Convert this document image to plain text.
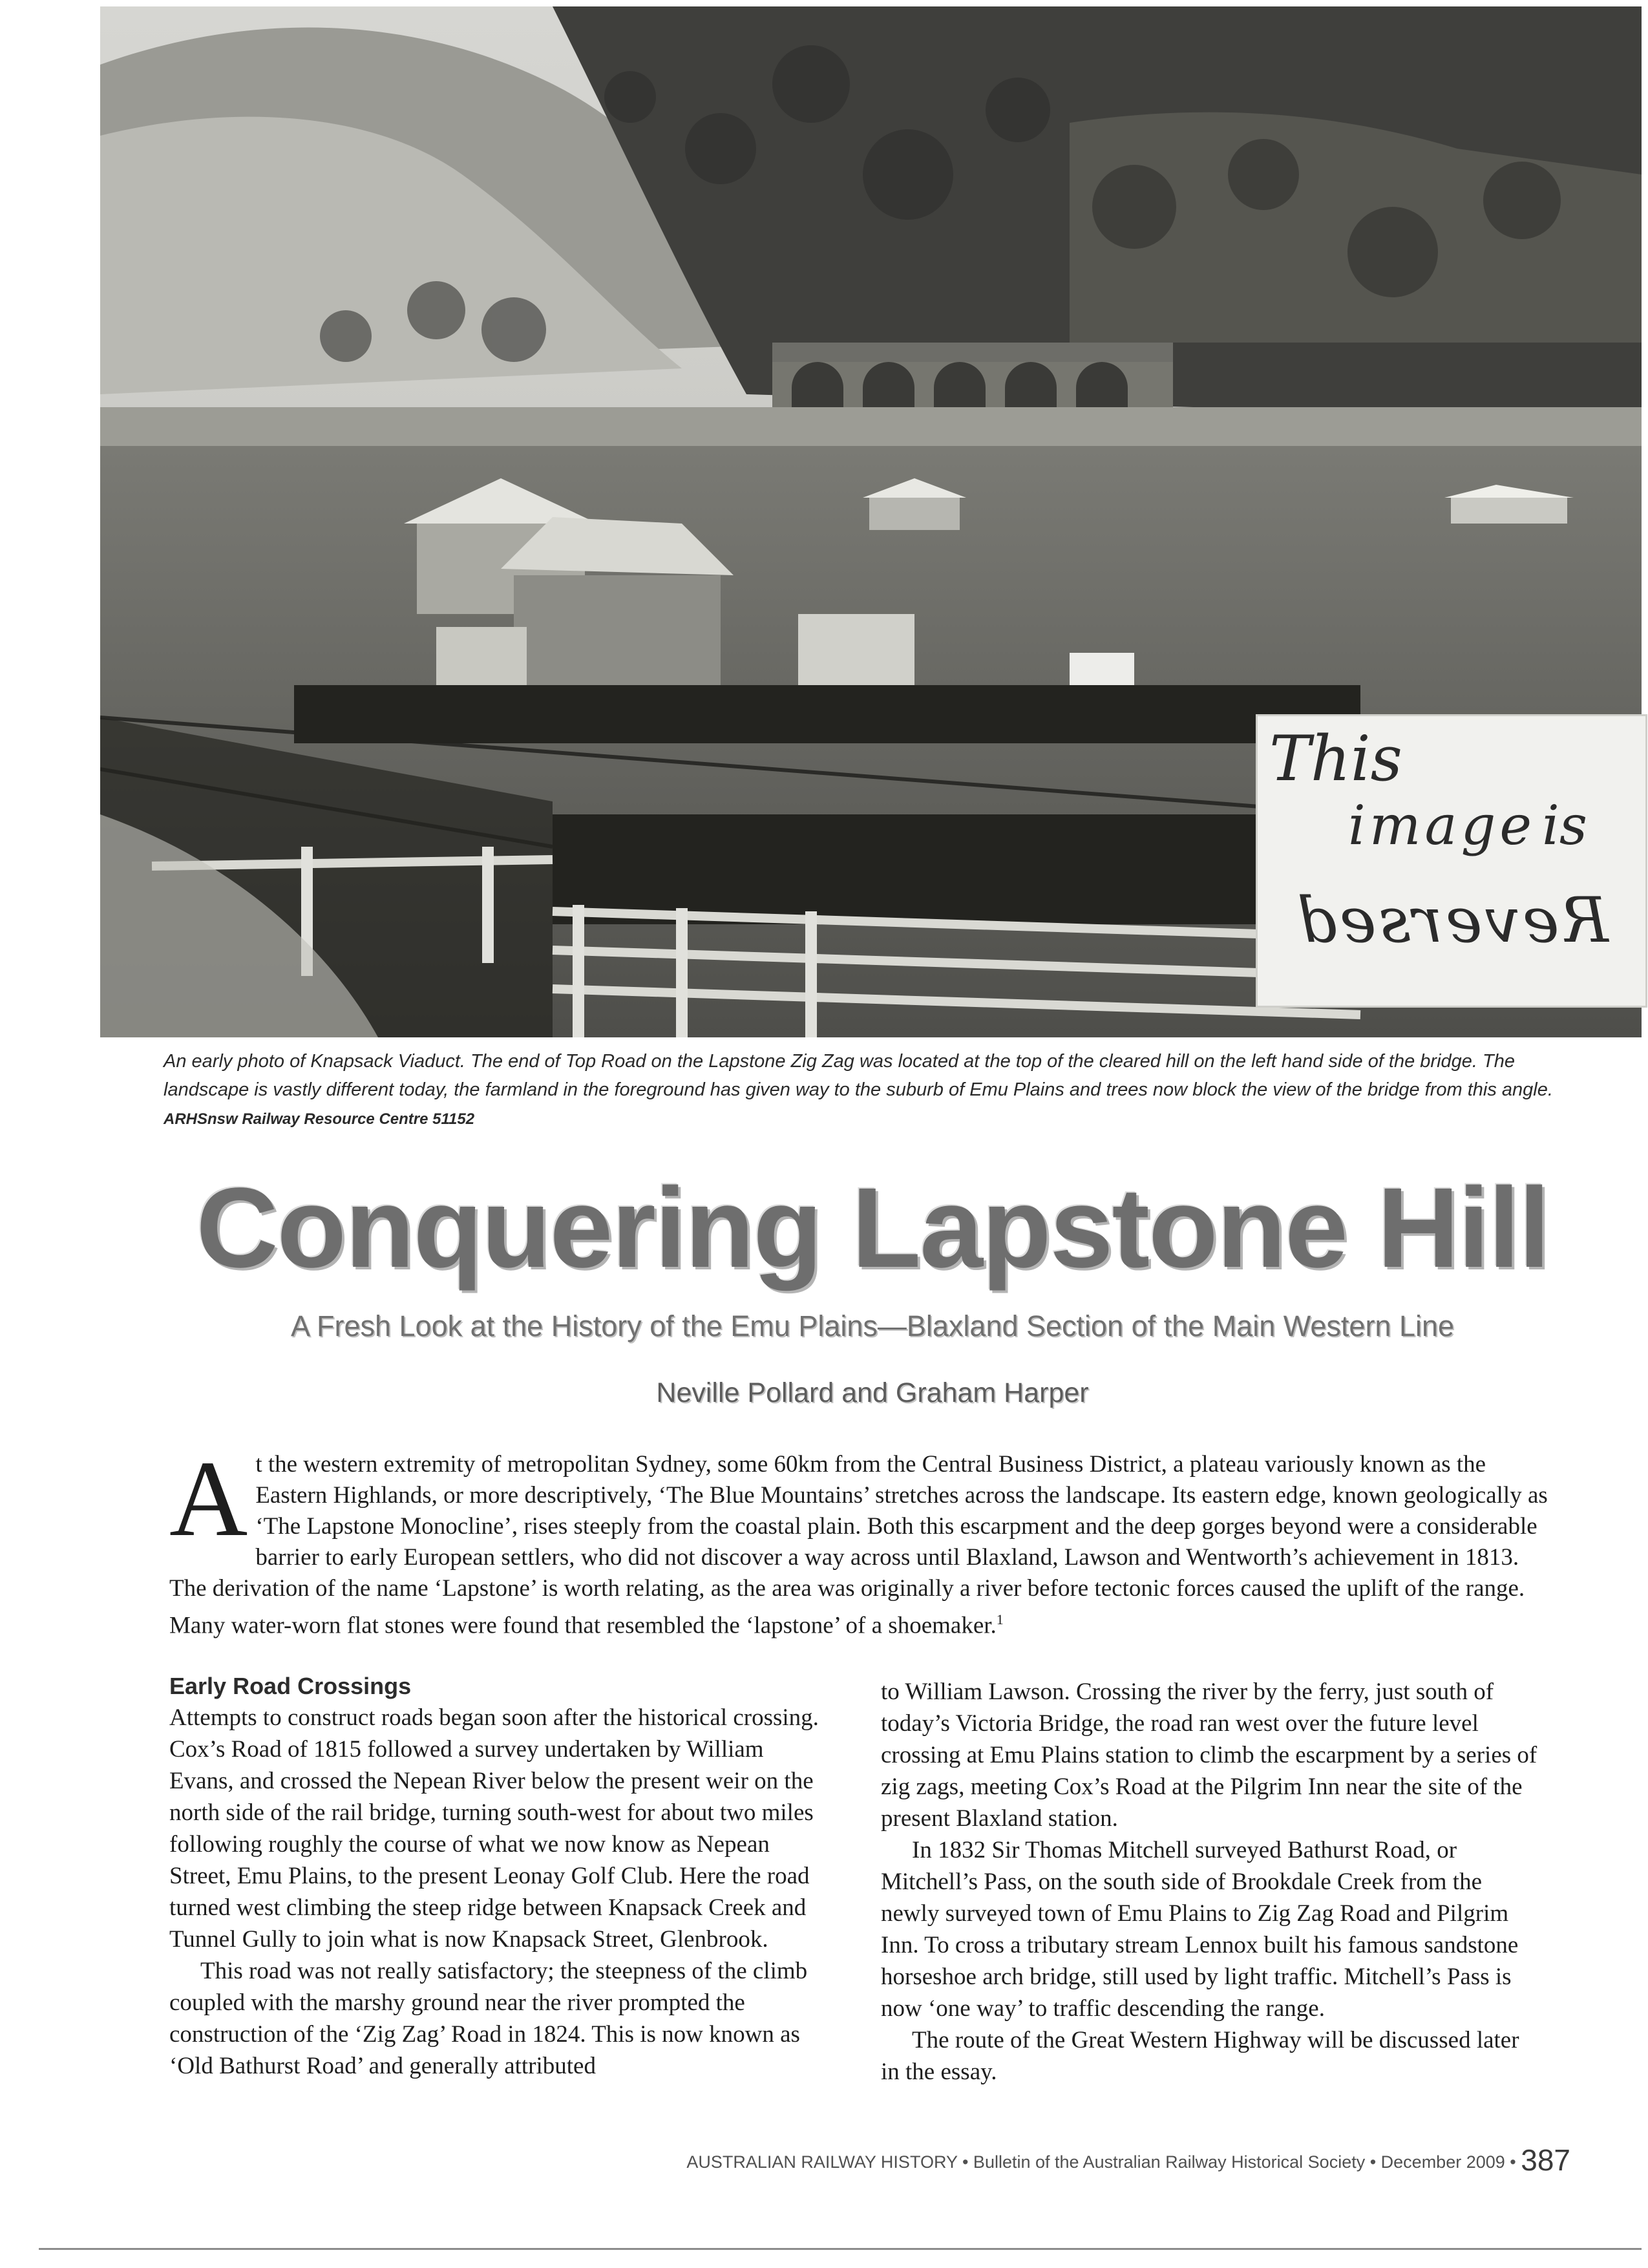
This
image is
Reversed
An early photo of Knapsack Viaduct. The end of Top Road on the Lapstone Zig Zag was located at the top of the cleared hill on the left hand side of the bridge. The landscape is vastly different today, the farmland in the foreground has given way to the suburb of Emu Plains and trees now block the view of the bridge from this angle. ARHSnsw Railway Resource Centre 51152
Conquering Lapstone Hill
A Fresh Look at the History of the Emu Plains—Blaxland Section of the Main Western Line
Neville Pollard and Graham Harper
A t the western extremity of metropolitan Sydney, some 60km from the Central Business District, a plateau variously known as the Eastern Highlands, or more descriptively, ‘The Blue Mountains’ stretches across the landscape. Its eastern edge, known geologically as ‘The Lapstone Monocline’, rises steeply from the coastal plain. Both this escarpment and the deep gorges beyond were a considerable barrier to early European settlers, who did not discover a way across until Blaxland, Lawson and Wentworth’s achievement in 1813. The derivation of the name ‘Lapstone’ is worth relating, as the area was originally a river before tectonic forces caused the uplift of the range. Many water-worn flat stones were found that resembled the ‘lapstone’ of a shoemaker.$^1$
Early Road Crossings

Attempts to construct roads began soon after the historical crossing. Cox’s Road of 1815 followed a survey undertaken by William Evans, and crossed the Nepean River below the present weir on the north side of the rail bridge, turning south-west for about two miles following roughly the course of what we now know as Nepean Street, Emu Plains, to the present Leonay Golf Club. Here the road turned west climbing the steep ridge between Knapsack Creek and Tunnel Gully to join what is now Knapsack Street, Glenbrook.

This road was not really satisfactory; the steepness of the climb coupled with the marshy ground near the river prompted the construction of the ‘Zig Zag’ Road in 1824. This is now known as ‘Old Bathurst Road’ and generally attributed

to William Lawson. Crossing the river by the ferry, just south of today’s Victoria Bridge, the road ran west over the future level crossing at Emu Plains station to climb the escarpment by a series of zig zags, meeting Cox’s Road at the Pilgrim Inn near the site of the present Blaxland station.

In 1832 Sir Thomas Mitchell surveyed Bathurst Road, or Mitchell’s Pass, on the south side of Brookdale Creek from the newly surveyed town of Emu Plains to Zig Zag Road and Pilgrim Inn. To cross a tributary stream Lennox built his famous sandstone horseshoe arch bridge, still used by light traffic. Mitchell’s Pass is now ‘one way’ to traffic descending the range.

The route of the Great Western Highway will be discussed later in the essay.

AUSTRALIAN RAILWAY HISTORY • Bulletin of the Australian Railway Historical Society • December 2009 • 387
